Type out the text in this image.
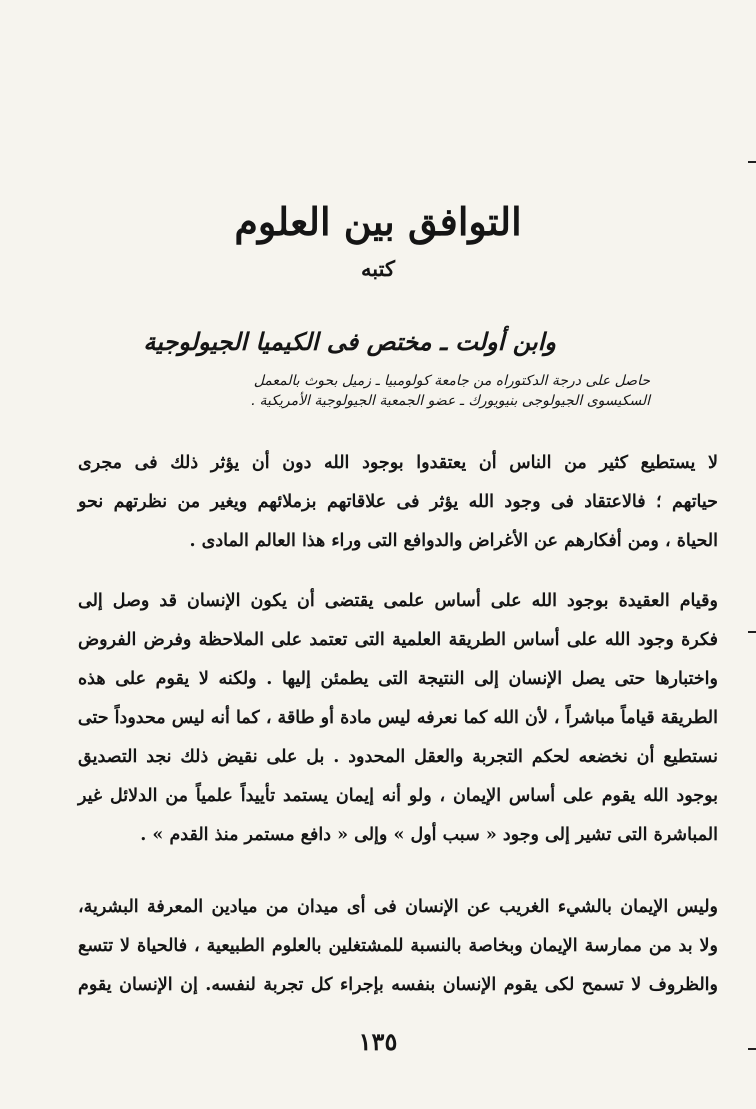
التوافق بين العلوم
كتبه
وابن أولت ـ مختص فى الكيميا الجيولوجية
حاصل على درجة الدكتوراه من جامعة كولومبيا ـ زميل بحوث بالمعمل
السكيسوى الجيولوجى بنيويورك ـ عضو الجمعية الجيولوجية الأمريكية .
لا يستطيع كثير من الناس أن يعتقدوا بوجود الله دون أن يؤثر ذلك فى مجرى
حياتهم ؛ فالاعتقاد فى وجود الله يؤثر فى علاقاتهم بزملائهم ويغير من نظرتهم نحو
الحياة ، ومن أفكارهم عن الأغراض والدوافع التى وراء هذا العالم المادى .
وقيام العقيدة بوجود الله على أساس علمى يقتضى أن يكون الإنسان قد وصل إلى
فكرة وجود الله على أساس الطريقة العلمية التى تعتمد على الملاحظة وفرض الفروض
واختبارها حتى يصل الإنسان إلى النتيجة التى يطمئن إليها . ولكنه لا يقوم على هذه
الطريقة قياماً مباشراً ، لأن الله كما نعرفه ليس مادة أو طاقة ، كما أنه ليس محدوداً حتى
نستطيع أن نخضعه لحكم التجربة والعقل المحدود . بل على نقيض ذلك نجد التصديق
بوجود الله يقوم على أساس الإيمان ، ولو أنه إيمان يستمد تأييداً علمياً من الدلائل غير
المباشرة التى تشير إلى وجود « سبب أول » وإلى « دافع مستمر منذ القدم » .
وليس الإيمان بالشيء الغريب عن الإنسان فى أى ميدان من ميادين المعرفة البشرية،
ولا بد من ممارسة الإيمان وبخاصة بالنسبة للمشتغلين بالعلوم الطبيعية ، فالحياة لا تتسع
والظروف لا تسمح لكى يقوم الإنسان بنفسه بإجراء كل تجربة لنفسه. إن الإنسان يقوم
١٣٥
